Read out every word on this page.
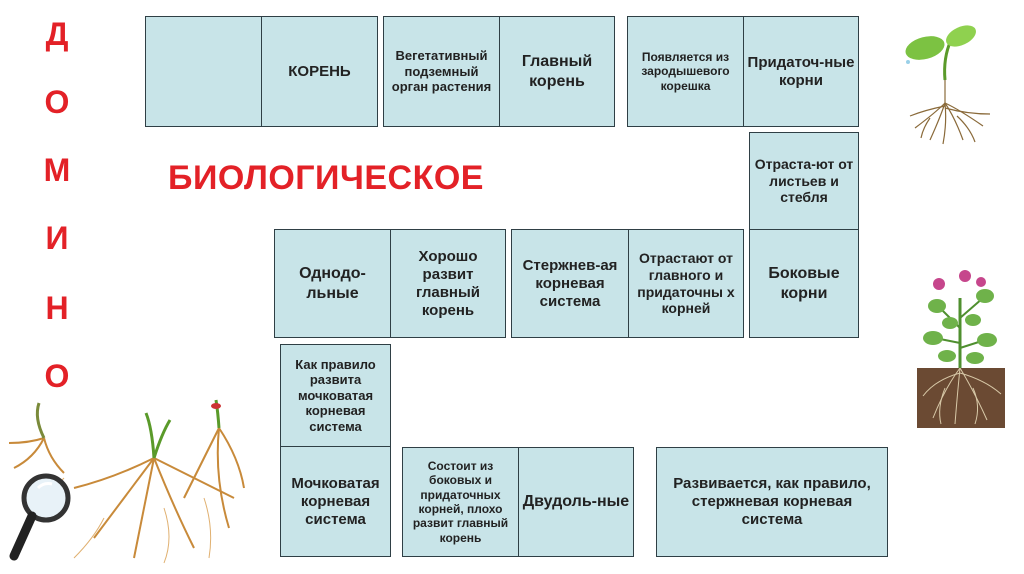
Д
О
М
И
Н
О
БИОЛОГИЧЕСКОЕ
КОРЕНЬ
Вегетативный подземный орган растения
Главный корень
Появляется из зародышевого корешка
Придаточ-ные корни
Отраста-ют от листьев и стебля
Боковые корни
Однодо-льные
Хорошо развит главный корень
Стержнев-ая корневая система
Отрастают от главного и придаточны х корней
Как правило развита мочковатая корневая система
Мочковатая корневая система
Состоит из боковых и придаточных корней, плохо развит главный корень
Двудоль-ные
Развивается, как правило, стержневая корневая система
